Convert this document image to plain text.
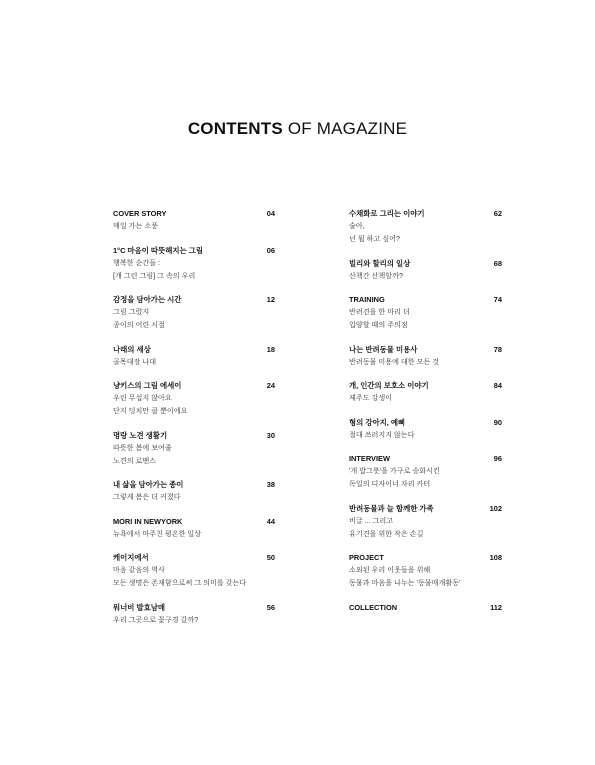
CONTENTS OF MAGAZINE
COVER STORY	04
매일 가는 소풍
1°C 마음이 따뜻해지는 그림	06
행복한 순간들 :
[개 그린 그림] 그 속의 우리
감정을 담아가는 시간	12
그림 그렸지
종이의 어린 시절
나래의 세상	18
골목대장 나대
냥키스의 그림 에세이	24
우린 무섭지 않아요
단지 덩치만 클 뿐이에요
명랑 노견 생활기	30
따뜻한 봄에 보여줄
노견의 로맨스
내 삶을 담아가는 종이	38
그렇게 봄은 더 커졌다
MORI IN NEWYORK	44
뉴욕에서 마주친 평온한 일상
케이지에서	50
마음 같음의 역사
모든 생명은 존재함으로써 그 의미를 갖는다
워너비 발효남매	56
우리 그곳으로 꽃구경 갈까?
수채화로 그리는 이야기	62
술아,
넌 뭘 하고 싶어?
빌리와 할리의 일상	68
산책간 산책할까?
TRAINING	74
반려견을 한 마리 더
입양할 때의 주의점
나는 반려동물 미용사	78
반려동물 미용에 대한 모든 것
개, 인간의 보호소 이야기	84
제주도 강생이
형의 강아지, 예삐	90
절대 쓰러지지 않는다
INTERVIEW	96
'개 밥그릇'을 가구로 승화시킨
독일의 디자이너 자리 카터
반려동물과 늘 함께한 가족	102
비글 ... 그리고
유기견을 위한 작은 손길
PROJECT	108
소외된 우리 이웃들을 위해
동물과 마음을 나누는 '동물매개활동'
COLLECTION	112
